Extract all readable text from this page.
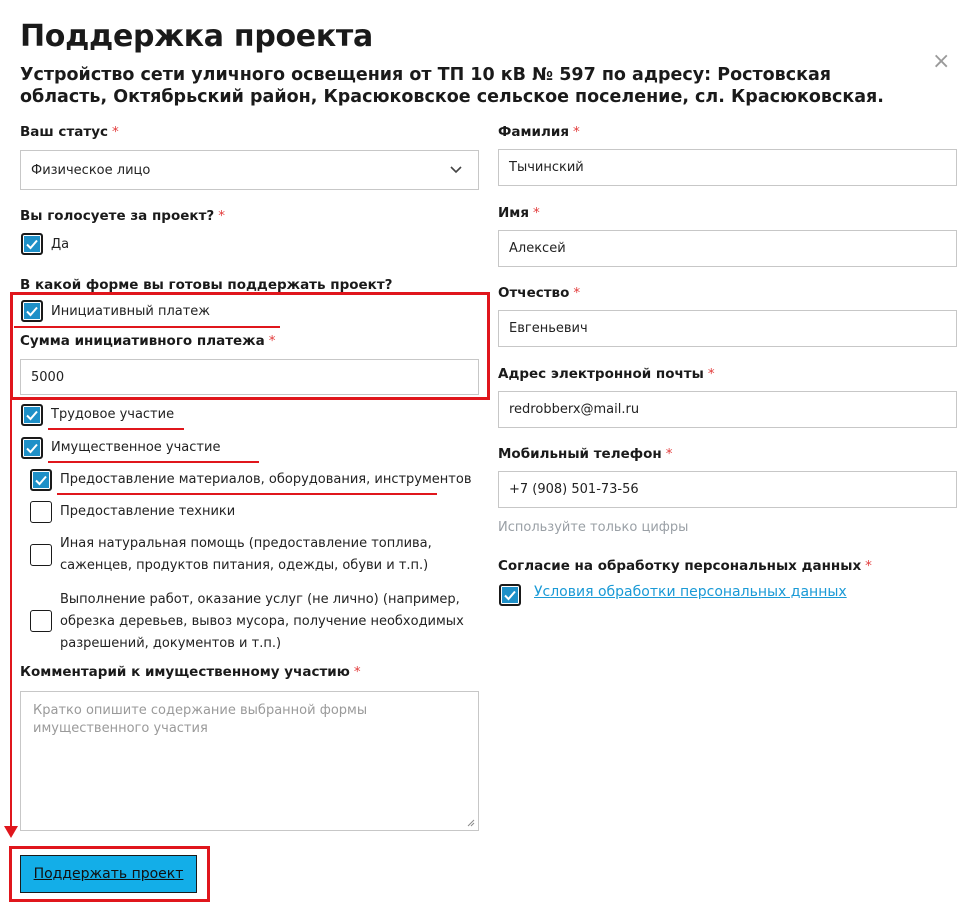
Поддержка проекта
Устройство сети уличного освещения от ТП 10 кВ № 597 по адресу: Ростовская область, Октябрьский район, Красюковское сельское поселение, сл. Красюковская.
×
Ваш статус *
Физическое лицо
Вы голосуете за проект? *
Да
В какой форме вы готовы поддержать проект?
Инициативный платеж
Сумма инициативного платежа *
5000
Трудовое участие
Имущественное участие
Предоставление материалов, оборудования, инструментов
Предоставление техники
Иная натуральная помощь (предоставление топлива, саженцев, продуктов питания, одежды, обуви и т.п.)
Выполнение работ, оказание услуг (не лично) (например, обрезка деревьев, вывоз мусора, получение необходимых разрешений, документов и т.п.)
Комментарий к имущественному участию *
Кратко опишите содержание выбранной формы имущественного участия
Поддержать проект
Фамилия *
Тычинский
Имя *
Алексей
Отчество *
Евгеньевич
Адрес электронной почты *
redrobberx@mail.ru
Мобильный телефон *
+7 (908) 501-73-56
Используйте только цифры
Согласие на обработку персональных данных *
Условия обработки персональных данных
